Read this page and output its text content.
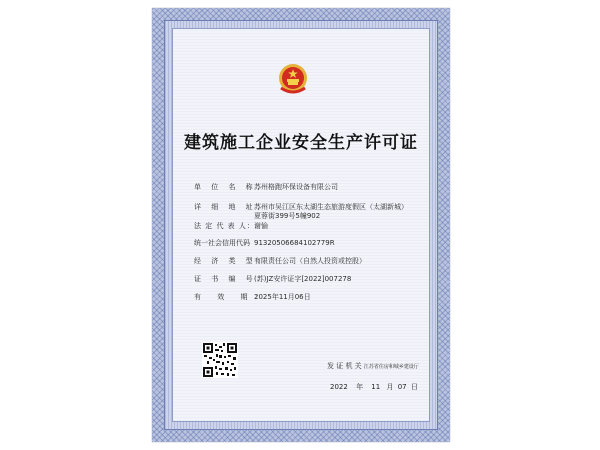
建筑施工企业安全生产许可证
单 位 名 称：
苏州格跑环保设备有限公司
详 细 地 址：
苏州市吴江区东太湖生态旅游度假区（太湖新城）夏蓉街399号5幢902
法 定 代 表 人： 谢愉
统一社会信用代码 91320506684102779R
经 济 类 型：
有限责任公司（自然人投资或控股）
证 书 编 号：
(苏)JZ安许证字[2022]007278
有 效 期：
2025年11月06日
发 证 机 关 江苏省住房和城乡建设厅
2022 年 11 月 07 日
